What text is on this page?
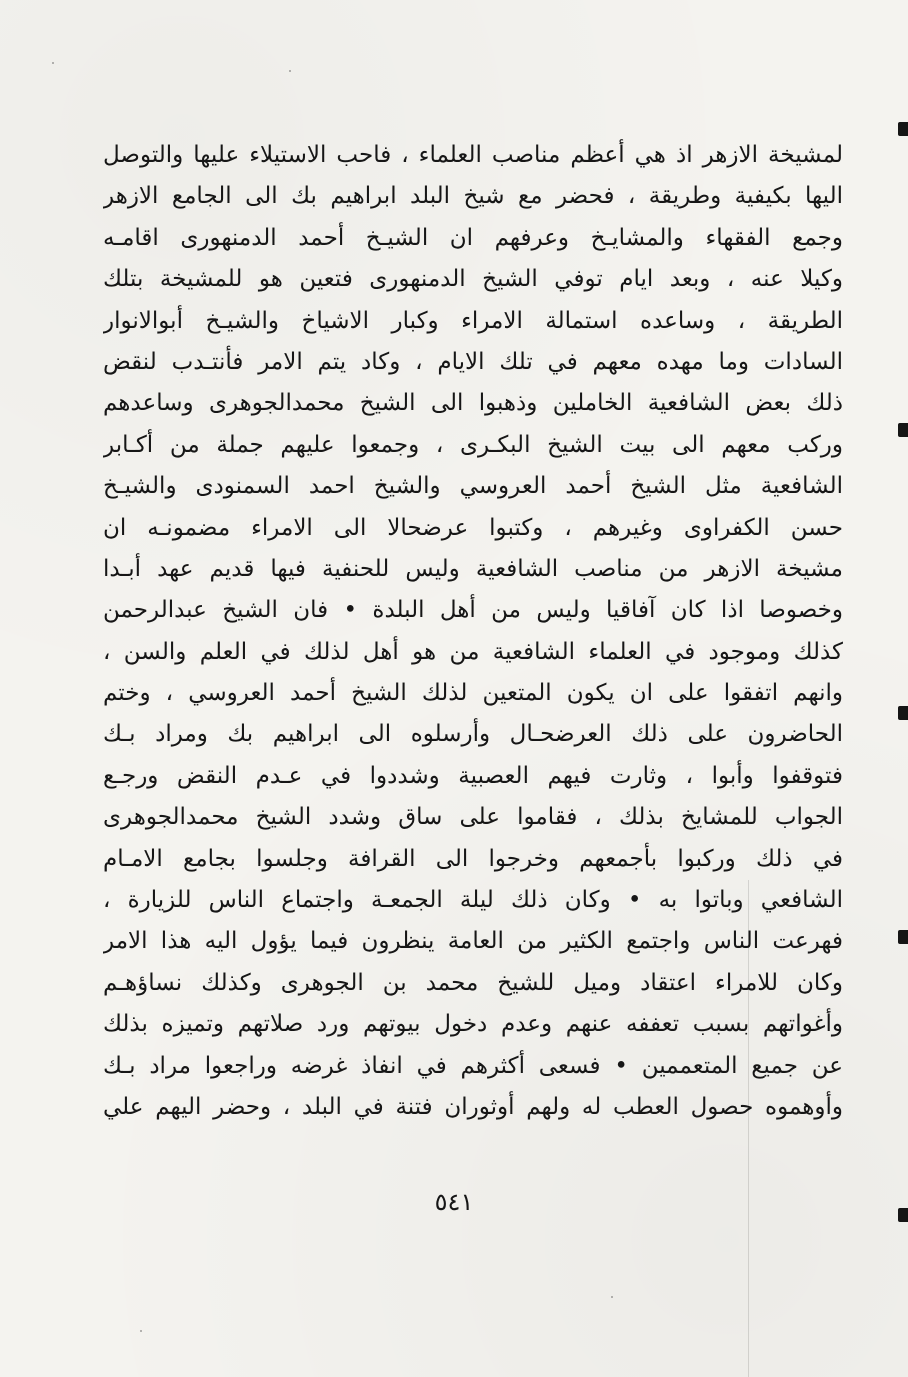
لمشيخة الازهر اذ هي أعظم مناصب العلماء ، فاحب الاستيلاء عليها والتوصل
اليها بكيفية وطريقة ، فحضر مع شيخ البلد ابراهيم بك الى الجامع الازهر
وجمع الفقهاء والمشايـخ وعرفهم ان الشيـخ أحمد الدمنهورى اقامـه
وكيلا عنه ، وبعد ايام توفي الشيخ الدمنهورى فتعين هو للمشيخة بتلك
الطريقة ، وساعده استمالة الامراء وكبار الاشياخ والشيـخ أبوالانوار
السادات وما مهده معهم في تلك الايام ، وكاد يتم الامر فأنتـدب لنقض
ذلك بعض الشافعية الخاملين وذهبوا الى الشيخ محمدالجوهرى وساعدهم
وركب معهم الى بيت الشيخ البكـرى ، وجمعوا عليهم جملة من أكـابر
الشافعية مثل الشيخ أحمد العروسي والشيخ احمد السمنودى والشيـخ
حسن الكفراوى وغيرهم ، وكتبوا عرضحالا الى الامراء مضمونـه ان
مشيخة الازهر من مناصب الشافعية وليس للحنفية فيها قديم عهد أبـدا
وخصوصا اذا كان آفاقيا وليس من أهل البلدة • فان الشيخ عبدالرحمن
كذلك وموجود في العلماء الشافعية من هو أهل لذلك في العلم والسن ،
وانهم اتفقوا على ان يكون المتعين لذلك الشيخ أحمد العروسي ، وختم
الحاضرون على ذلك العرضحـال وأرسلوه الى ابراهيم بك ومراد بـك
فتوقفوا وأبوا ، وثارت فيهم العصبية وشددوا في عـدم النقض ورجـع
الجواب للمشايخ بذلك ، فقاموا على ساق وشدد الشيخ محمدالجوهرى
في ذلك وركبوا بأجمعهم وخرجوا الى القرافة وجلسوا بجامع الامـام
الشافعي وباتوا به • وكان ذلك ليلة الجمعـة واجتماع الناس للزيارة ،
فهرعت الناس واجتمع الكثير من العامة ينظرون فيما يؤول اليه هذا الامر
وكان للامراء اعتقاد وميل للشيخ محمد بن الجوهرى وكذلك نساؤهـم
وأغواتهم بسبب تعففه عنهم وعدم دخول بيوتهم ورد صلاتهم وتميزه بذلك
عن جميع المتعممين • فسعى أكثرهم في انفاذ غرضه وراجعوا مراد بـك
وأوهموه حصول العطب له ولهم أوثوران فتنة في البلد ، وحضر اليهم علي
٥٤١
